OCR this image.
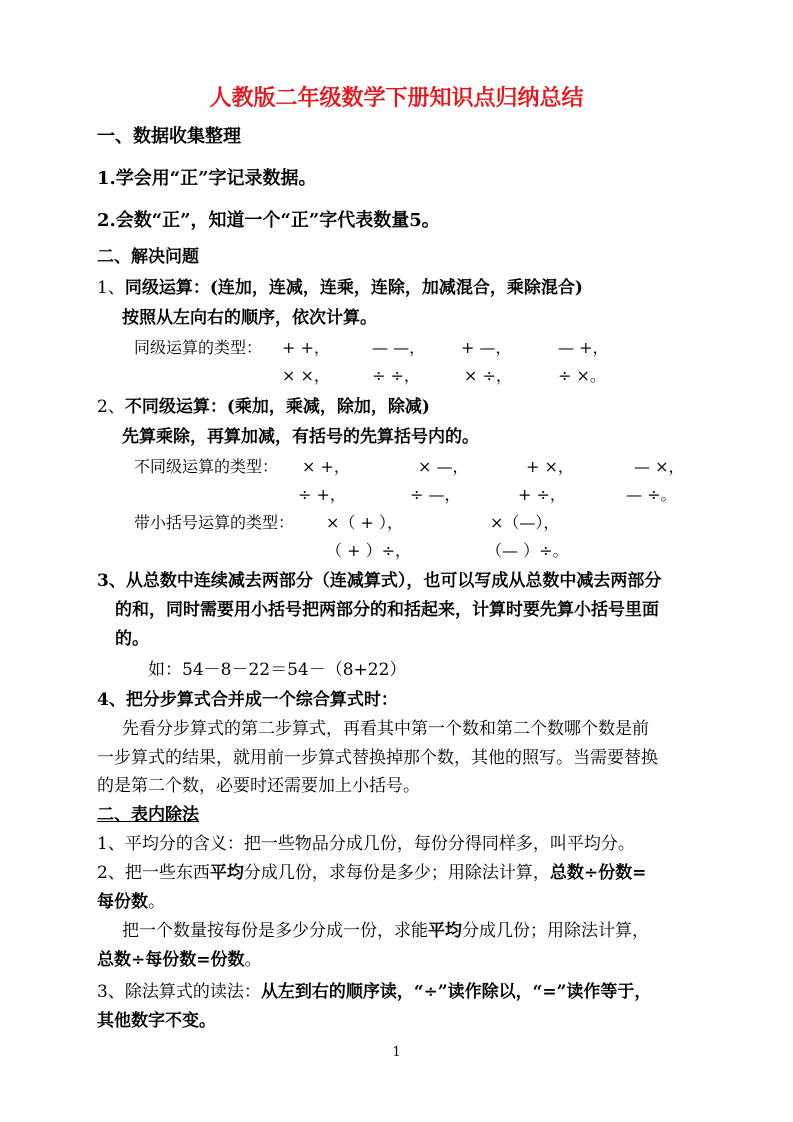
人教版二年级数学下册知识点归纳总结
一、数据收集整理
1.学会用“正”字记录数据。
2.会数“正”，知道一个“正”字代表数量5。
二、解决问题
1、同级运算：(连加，连减，连乘，连除，加减混合，乘除混合)
按照从左向右的顺序，依次计算。
同级运算的类型： + +，	— —， + —，	— +，
× ×，	÷ ÷，	× ÷，	÷ ×。
2、不同级运算：(乘加，乘减，除加，除减)
先算乘除，再算加减，有括号的先算括号内的。
不同级运算的类型： × +，	× —，	+ ×，	— ×，
÷ +，	÷ —，	+ ÷，	— ÷。
带小括号运算的类型： ×（ + ），	×（—），
（ + ）÷，	（— ）÷。
3、从总数中连续减去两部分（连减算式），也可以写成从总数中减去两部分
的和，同时需要用小括号把两部分的和括起来，计算时要先算小括号里面
的。
如：54－8－22＝54－（8+22）
4、把分步算式合并成一个综合算式时：
先看分步算式的第二步算式，再看其中第一个数和第二个数哪个数是前
一步算式的结果，就用前一步算式替换掉那个数，其他的照写。当需要替换
的是第二个数，必要时还需要加上小括号。
二、表内除法
1、平均分的含义：把一些物品分成几份，每份分得同样多，叫平均分。
2、把一些东西平均分成几份，求每份是多少；用除法计算，总数÷份数=
每份数。
把一个数量按每份是多少分成一份，求能平均分成几份；用除法计算，
总数÷每份数=份数。
3、除法算式的读法：从左到右的顺序读，“÷”读作除以，“=”读作等于，
其他数字不变。
1
